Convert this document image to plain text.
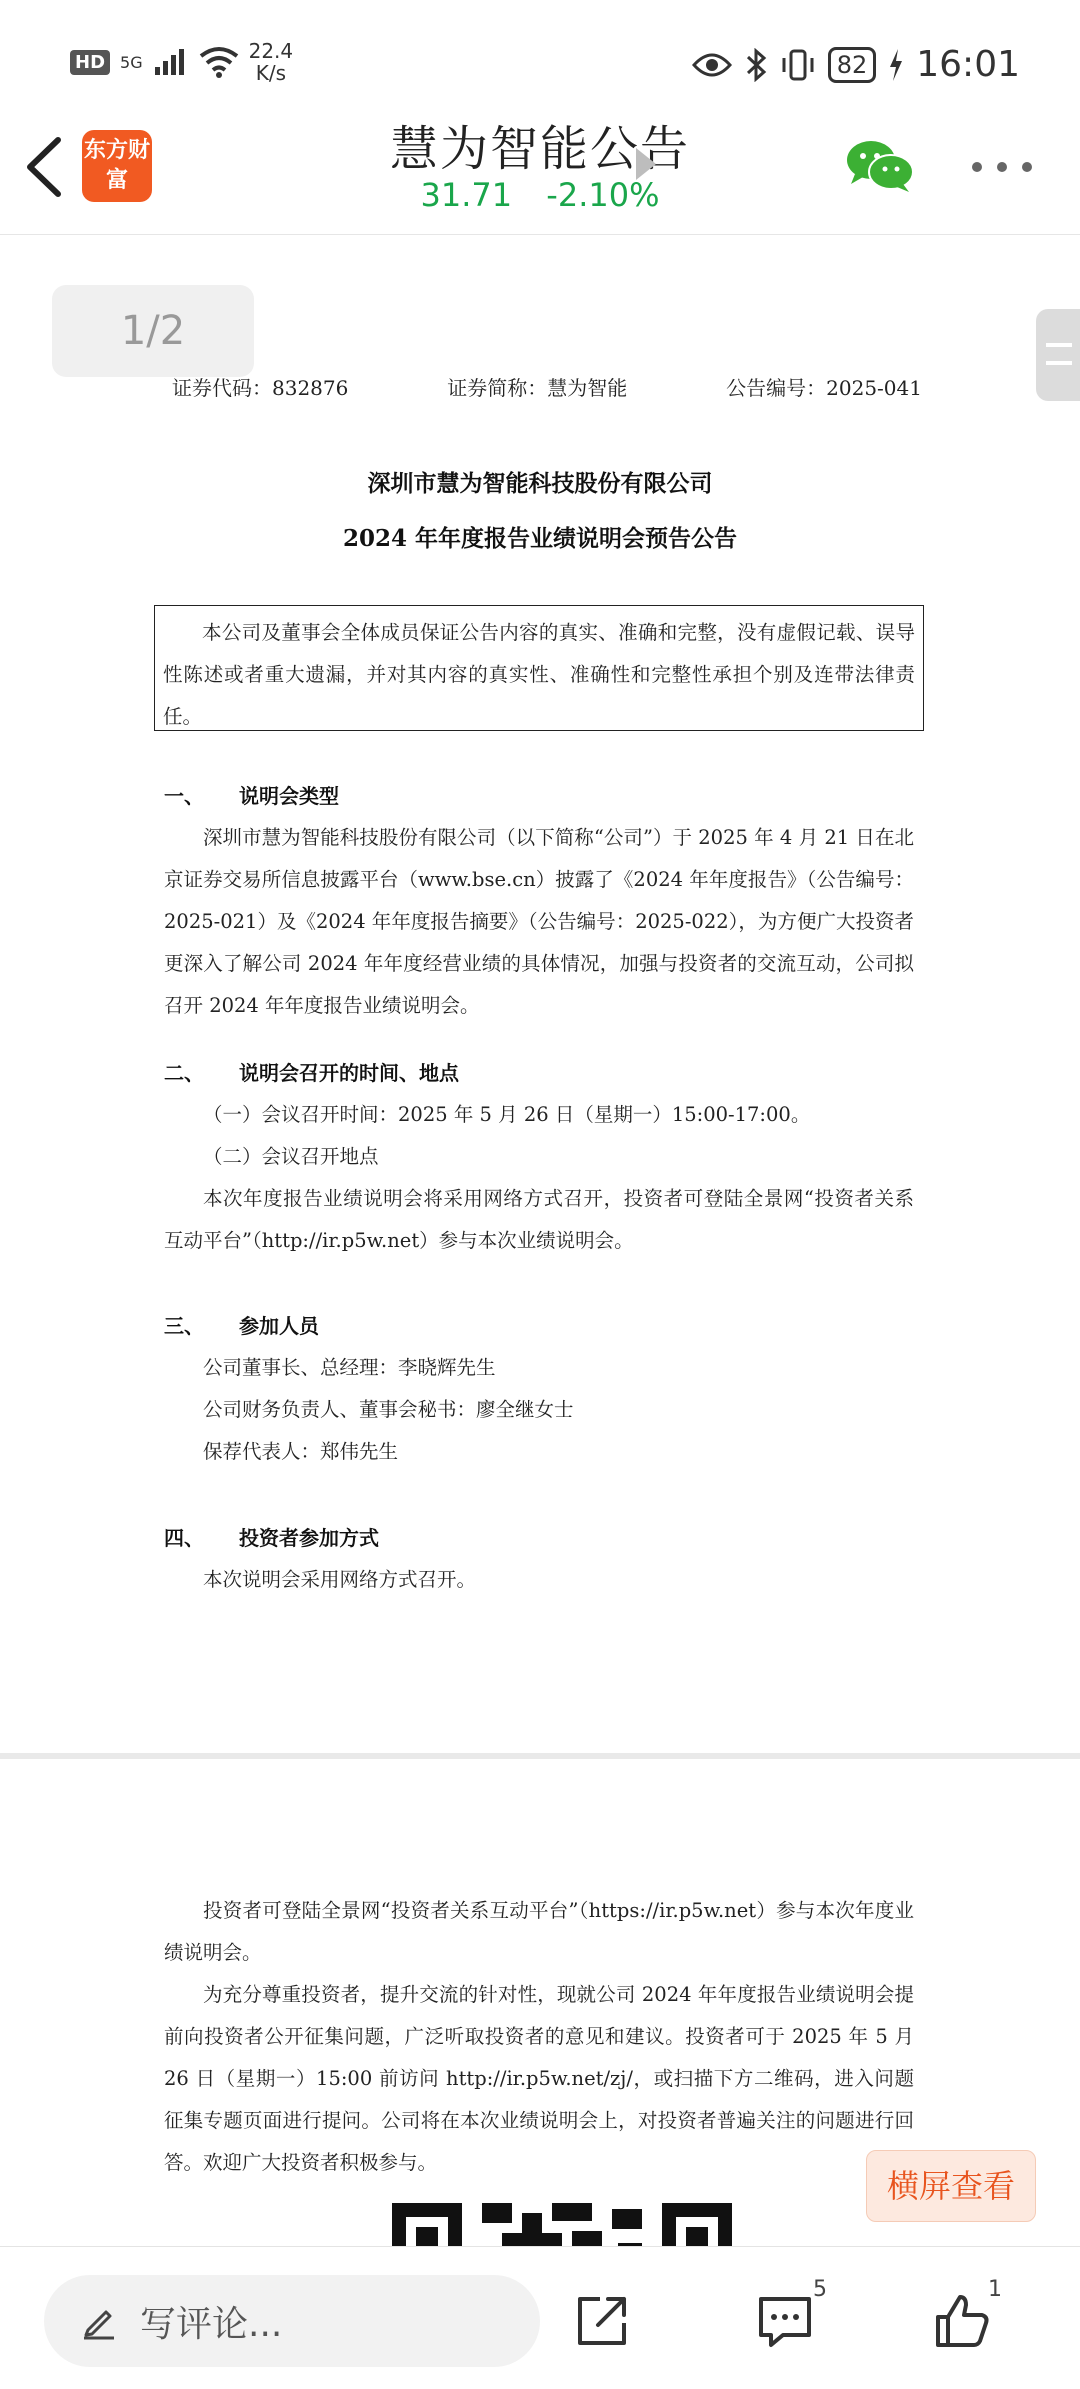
HD 5G	22.4
K/s	82 16:01
东方财富
慧为智能公告
31.71 -2.10%
1/2
证券代码：832876	证券简称：慧为智能	公告编号：2025-041
深圳市慧为智能科技股份有限公司
2024 年年度报告业绩说明会预告公告

本公司及董事会全体成员保证公告内容的真实、准确和完整，没有虚假记载、误导性陈述或者重大遗漏，并对其内容的真实性、准确性和完整性承担个别及连带法律责任。

一、 说明会类型

深圳市慧为智能科技股份有限公司（以下简称“公司”）于 2025 年 4 月 21 日在北京证券交易所信息披露平台（www.bse.cn）披露了《2024 年年度报告》（公告编号：2025-021）及《2024 年年度报告摘要》（公告编号：2025-022），为方便广大投资者更深入了解公司 2024 年年度经营业绩的具体情况，加强与投资者的交流互动，公司拟召开 2024 年年度报告业绩说明会。

二、 说明会召开的时间、地点
（一）会议召开时间：2025 年 5 月 26 日（星期一）15:00-17:00。
（二）会议召开地点

本次年度报告业绩说明会将采用网络方式召开，投资者可登陆全景网“投资者关系互动平台”（http://ir.p5w.net）参与本次业绩说明会。

三、 参加人员
公司董事长、总经理：李晓辉先生
公司财务负责人、董事会秘书：廖全继女士
保荐代表人：郑伟先生
四、 投资者参加方式
本次说明会采用网络方式召开。

投资者可登陆全景网“投资者关系互动平台”（https://ir.p5w.net）参与本次年度业绩说明会。

为充分尊重投资者，提升交流的针对性，现就公司 2024 年年度报告业绩说明会提前向投资者公开征集问题，广泛听取投资者的意见和建议。投资者可于 2025 年 5 月 26 日（星期一）15:00 前访问 http://ir.p5w.net/zj/，或扫描下方二维码，进入问题征集专题页面进行提问。公司将在本次业绩说明会上，对投资者普遍关注的问题进行回答。欢迎广大投资者积极参与。

横屏查看
写评论...
5	1
